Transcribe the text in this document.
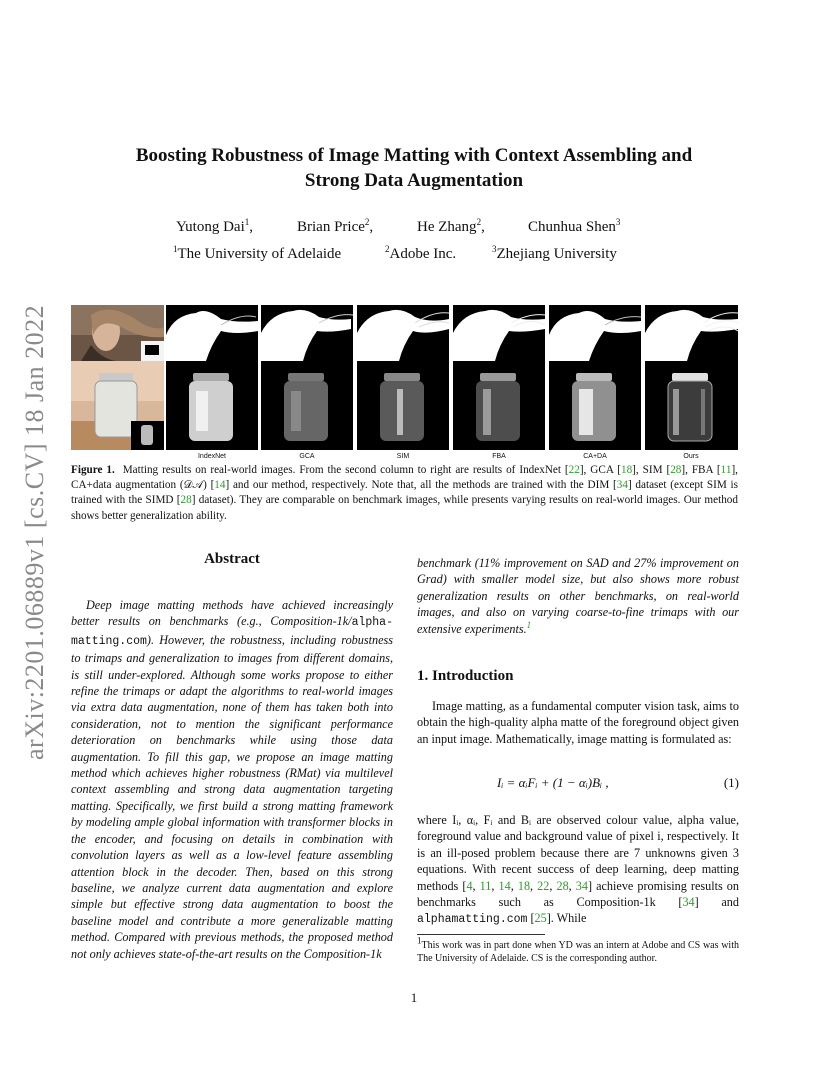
arXiv:2201.06889v1 [cs.CV] 18 Jan 2022
Boosting Robustness of Image Matting with Context Assembling and
Strong Data Augmentation
Yutong Dai$^1$,	Brian Price$^2$,	He Zhang$^2$,	Chunhua Shen$^3$
$^1$The University of Adelaide	$^2$Adobe Inc.	$^3$Zhejiang University
IndexNet	GCA	SIM	FBA	CA+DA	Ours
Figure 1. Matting results on real-world images. From the second column to right are results of IndexNet [22], GCA [18], SIM [28], FBA [11], CA+data augmentation (𝒟𝒜) [14] and our method, respectively. Note that, all the methods are trained with the DIM [34] dataset (except SIM is trained with the SIMD [28] dataset). They are comparable on benchmark images, while presents varying results on real-world images. Our method shows better generalization ability.
Abstract
Deep image matting methods have achieved increasingly better results on benchmarks (e.g., Composition-1k/alpha-matting.com). However, the robustness, including robustness to trimaps and generalization to images from different domains, is still under-explored. Although some works propose to either refine the trimaps or adapt the algorithms to real-world images via extra data augmentation, none of them has taken both into consideration, not to mention the significant performance deterioration on benchmarks while using those data augmentation. To fill this gap, we propose an image matting method which achieves higher robustness (RMat) via multilevel context assembling and strong data augmentation targeting matting. Specifically, we first build a strong matting framework by modeling ample global information with transformer blocks in the encoder, and focusing on details in combination with convolution layers as well as a low-level feature assembling attention block in the decoder. Then, based on this strong baseline, we analyze current data augmentation and explore simple but effective strong data augmentation to boost the baseline model and contribute a more generalizable matting method. Compared with previous methods, the proposed method not only achieves state-of-the-art results on the Composition-1k
benchmark (11% improvement on SAD and 27% improvement on Grad) with smaller model size, but also shows more robust generalization results on other benchmarks, on real-world images, and also on varying coarse-to-fine trimaps with our extensive experiments.$^1$
1. Introduction
Image matting, as a fundamental computer vision task, aims to obtain the high-quality alpha matte of the foreground object given an input image. Mathematically, image matting is formulated as:
Iᵢ = αᵢFᵢ + (1 − αᵢ)Bᵢ ,	(1)
where Iᵢ, αᵢ, Fᵢ and Bᵢ are observed colour value, alpha value, foreground value and background value of pixel i, respectively. It is an ill-posed problem because there are 7 unknowns given 3 equations. With recent success of deep learning, deep matting methods [4, 11, 14, 18, 22, 28, 34] achieve promising results on benchmarks such as Composition-1k [34] and alphamatting.com [25]. While
$^1$This work was in part done when YD was an intern at Adobe and CS was with The University of Adelaide. CS is the corresponding author.
1
